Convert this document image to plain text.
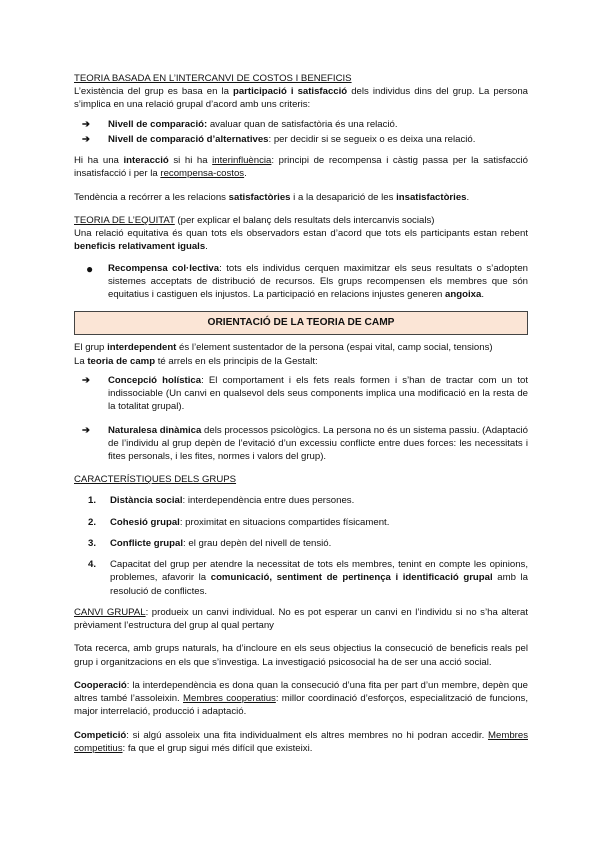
TEORIA BASADA EN L’INTERCANVI DE COSTOS I BENEFICIS

L’existència del grup es basa en la participació i satisfacció dels individus dins del grup. La persona s’implica en una relació grupal d’acord amb uns criteris:

➔ Nivell de comparació: avaluar quan de satisfactòria és una relació.
➔ Nivell de comparació d’alternatives: per decidir si se segueix o es deixa una relació.

Hi ha una interacció si hi ha interinfluència: principi de recompensa i càstig passa per la satisfacció insatisfacció i per la recompensa-costos.

Tendència a recórrer a les relacions satisfactòries i a la desaparició de les insatisfactòries.

TEORIA DE L’EQUITAT (per explicar el balanç dels resultats dels intercanvis socials)

Una relació equitativa és quan tots els observadors estan d’acord que tots els participants estan rebent beneficis relativament iguals.

● Recompensa col·lectiva: tots els individus cerquen maximitzar els seus resultats o s’adopten sistemes acceptats de distribució de recursos. Els grups recompensen els membres que són equitatius i castiguen els injustos. La participació en relacions injustes generen angoixa.
ORIENTACIÓ DE LA TEORIA DE CAMP

El grup interdependent és l’element sustentador de la persona (espai vital, camp social, tensions)

La teoria de camp té arrels en els principis de la Gestalt:

➔ Concepció holística: El comportament i els fets reals formen i s’han de tractar com un tot indissociable (Un canvi en qualsevol dels seus components implica una modificació en la resta de la totalitat grupal).
➔ Naturalesa dinàmica dels processos psicològics. La persona no és un sistema passiu. (Adaptació de l’individu al grup depèn de l’evitació d’un excessiu conflicte entre dues forces: les necessitats i fites personals, i les fites, normes i valors del grup).

CARACTERÍSTIQUES DELS GRUPS

1. Distància social: interdependència entre dues persones.
2. Cohesió grupal: proximitat en situacions compartides físicament.
3. Conflicte grupal: el grau depèn del nivell de tensió.
4. Capacitat del grup per atendre la necessitat de tots els membres, tenint en compte les opinions, problemes, afavorir la comunicació, sentiment de pertinença i identificació grupal amb la resolució de conflictes.

CANVI GRUPAL: produeix un canvi individual. No es pot esperar un canvi en l’individu si no s’ha alterat prèviament l’estructura del grup al qual pertany

Tota recerca, amb grups naturals, ha d’incloure en els seus objectius la consecució de beneficis reals pel grup i organitzacions en els que s’investiga. La investigació psicosocial ha de ser una acció social.

Cooperació: la interdependència es dona quan la consecució d’una fita per part d’un membre, depèn que altres també l’assoleixin. Membres cooperatius: millor coordinació d’esforços, especialització de funcions, major interrelació, producció i adaptació.

Competició: si algú assoleix una fita individualment els altres membres no hi podran accedir. Membres competitius: fa que el grup sigui més difícil que existeixi.
